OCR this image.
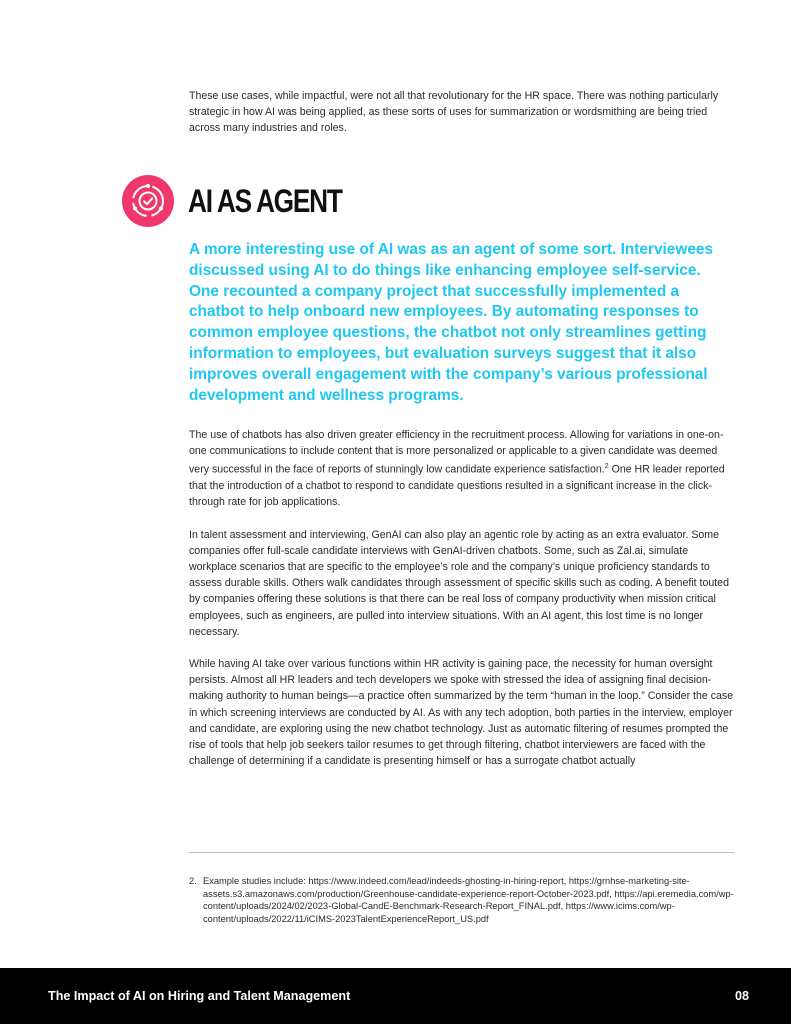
These use cases, while impactful, were not all that revolutionary for the HR space. There was nothing particularly strategic in how AI was being applied, as these sorts of uses for summarization or wordsmithing are being tried across many industries and roles.

AI AS AGENT

A more interesting use of AI was as an agent of some sort. Interviewees discussed using AI to do things like enhancing employee self-service. One recounted a company project that successfully implemented a chatbot to help onboard new employees. By automating responses to common employee questions, the chatbot not only streamlines getting information to employees, but evaluation surveys suggest that it also improves overall engagement with the company’s various professional development and wellness programs.

The use of chatbots has also driven greater efficiency in the recruitment process. Allowing for variations in one-on-one communications to include content that is more personalized or applicable to a given candidate was deemed very successful in the face of reports of stunningly low candidate experience satisfaction.$^2$ One HR leader reported that the introduction of a chatbot to respond to candidate questions resulted in a significant increase in the click-through rate for job applications.

In talent assessment and interviewing, GenAI can also play an agentic role by acting as an extra evaluator. Some companies offer full-scale candidate interviews with GenAI-driven chatbots. Some, such as Zal.ai, simulate workplace scenarios that are specific to the employee’s role and the company’s unique proficiency standards to assess durable skills. Others walk candidates through assessment of specific skills such as coding. A benefit touted by companies offering these solutions is that there can be real loss of company productivity when mission critical employees, such as engineers, are pulled into interview situations. With an AI agent, this lost time is no longer necessary.

While having AI take over various functions within HR activity is gaining pace, the necessity for human oversight persists. Almost all HR leaders and tech developers we spoke with stressed the idea of assigning final decision-making authority to human beings—a practice often summarized by the term “human in the loop.” Consider the case in which screening interviews are conducted by AI. As with any tech adoption, both parties in the interview, employer and candidate, are exploring using the new chatbot technology. Just as automatic filtering of resumes prompted the rise of tools that help job seekers tailor resumes to get through filtering, chatbot interviewers are faced with the challenge of determining if a candidate is presenting himself or has a surrogate chatbot actually

2. Example studies include: https://www.indeed.com/lead/indeeds-ghosting-in-hiring-report, https://grnhse-marketing-site-assets.s3.amazonaws.com/production/Greenhouse-candidate-experience-report-October-2023.pdf, https://api.eremedia.com/wp-content/uploads/2024/02/2023-Global-CandE-Benchmark-Research-Report_FINAL.pdf, https://www.icims.com/wp-content/uploads/2022/11/iCIMS-2023TalentExperienceReport_US.pdf
The Impact of AI on Hiring and Talent Management	08
